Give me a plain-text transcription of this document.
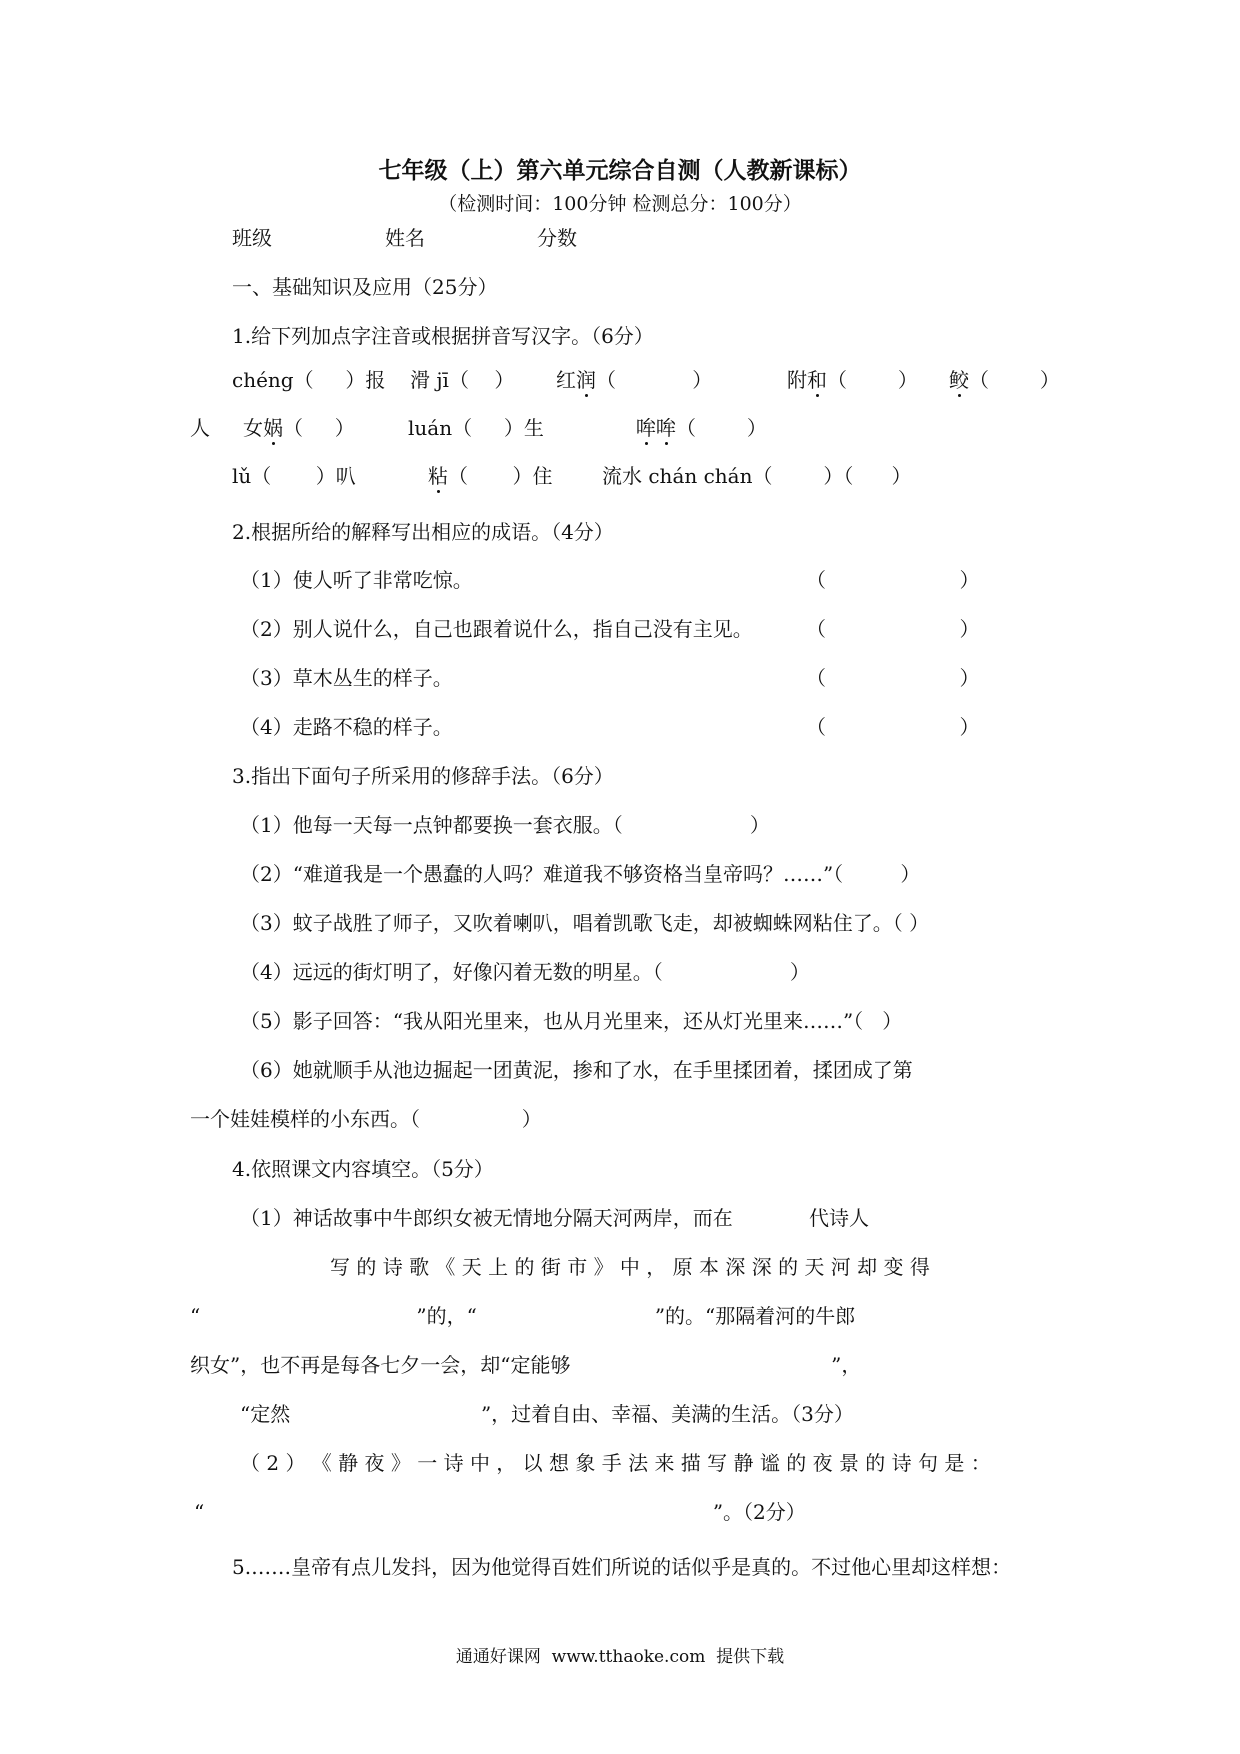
七年级（上）第六单元综合自测（人教新课标）
（检测时间：100分钟 检测总分：100分）
班级	姓名	分数
一、基础知识及应用（25分）
1.给下列加点字注音或根据拼音写汉字。（6分）
chéng（     ）报 滑 jī（    ） 红润（            ）	附和（        ） 鲛（        ）
人 女娲（     ）	luán（     ）生	哞哞（        ）
lǔ（       ）叭	粘（       ）住 流水 chán chán（        ）（      ）
2.根据所给的解释写出相应的成语。（4分）
（1）使人听了非常吃惊。	（                     ）
（2）别人说什么，自己也跟着说什么，指自己没有主见。	（                     ）
（3）草木丛生的样子。	（                     ）
（4）走路不稳的样子。	（                     ）
3.指出下面句子所采用的修辞手法。（6分）
（1）他每一天每一点钟都要换一套衣服。（                    ）
（2）“难道我是一个愚蠢的人吗？难道我不够资格当皇帝吗？……”（         ）
（3）蚊子战胜了师子，又吹着喇叭，唱着凯歌飞走，却被蜘蛛网粘住了。（ ）
（4）远远的街灯明了，好像闪着无数的明星。（                    ）
（5）影子回答：“我从阳光里来，也从月光里来，还从灯光里来……”（   ）
（6）她就顺手从池边掘起一团黄泥，掺和了水，在手里揉团着，揉团成了第
一个娃娃模样的小东西。（                ）
4.依照课文内容填空。（5分）
（1）神话故事中牛郎织女被无情地分隔天河两岸，而在            代诗人
写 的 诗 歌 《 天 上 的 街 市 》 中 ， 原 本 深 深 的 天 河 却 变 得
“                                  ”的，“                            ”的。“那隔着河的牛郎
织女”，也不再是每各七夕一会，却“定能够                                         ”，
“定然                              ”，过着自由、幸福、美满的生活。（3分）
（ 2 ） 《 静 夜 》 一 诗 中 ， 以 想 象 手 法 来 描 写 静 谧 的 夜 景 的 诗 句 是 ：
“                                                                                ”。（2分）
5.……皇帝有点儿发抖，因为他觉得百姓们所说的话似乎是真的。不过他心里却这样想：
通通好课网  www.tthaoke.com  提供下载
